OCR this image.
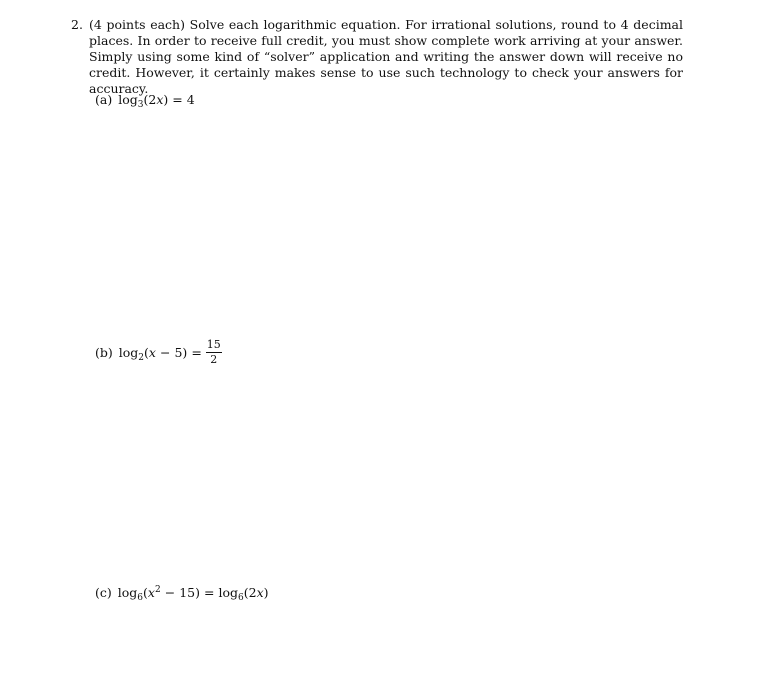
2. (4 points each) Solve each logarithmic equation. For irrational solutions, round to 4 decimal places. In order to receive full credit, you must show complete work arriving at your answer. Simply using some kind of “solver” application and writing the answer down will receive no credit. However, it certainly makes sense to use such technology to check your answers for accuracy.
(a) $\log_3(2x) = 4$
(b) $\log_2(x - 5) = \frac{15}{2}$
(c) $\log_6(x^2 - 15) = \log_6(2x)$
